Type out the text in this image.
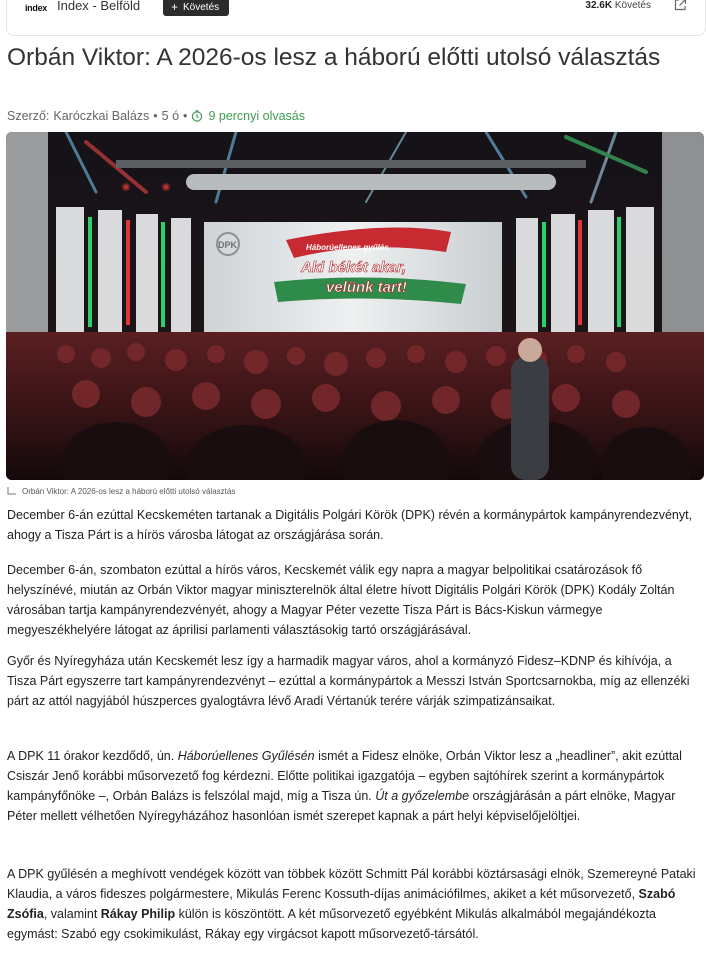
index Index - Belföld	+ Követés	32.6K Követés
Orbán Viktor: A 2026-os lesz a háború előtti utolsó választás
Szerző: Karóczkai Balázs • 5 ó • 9 percnyi olvasás
DPK	Háborúellenes gyűlés
Aki békét akar,
velünk tart!
Orbán Viktor: A 2026-os lesz a háború előtti utolsó választás

December 6-án ezúttal Kecskeméten tartanak a Digitális Polgári Körök (DPK) révén a kormánypártok kampányrendezvényt, ahogy a Tisza Párt is a hírös városba látogat az országjárása során.

December 6-án, szombaton ezúttal a hírös város, Kecskemét válik egy napra a magyar belpolitikai csatározások fő helyszínévé, miután az Orbán Viktor magyar miniszterelnök által életre hívott Digitális Polgári Körök (DPK) Kodály Zoltán városában tartja kampányrendezvényét, ahogy a Magyar Péter vezette Tisza Párt is Bács-Kiskun vármegye megyeszékhelyére látogat az áprilisi parlamenti választásokig tartó országjárásával.

Győr és Nyíregyháza után Kecskemét lesz így a harmadik magyar város, ahol a kormányzó Fidesz–KDNP és kihívója, a Tisza Párt egyszerre tart kampányrendezvényt – ezúttal a kormánypártok a Messzi István Sportcsarnokba, míg az ellenzéki párt az attól nagyjából húszperces gyalogtávra lévő Aradi Vértanúk terére várják szimpatizánsaikat.

A DPK 11 órakor kezdődő, ún. Háborúellenes Gyűlésén ismét a Fidesz elnöke, Orbán Viktor lesz a „headliner”, akit ezúttal Csiszár Jenő korábbi műsorvezető fog kérdezni. Előtte politikai igazgatója – egyben sajtóhírek szerint a kormánypártok kampányfőnöke –, Orbán Balázs is felszólal majd, míg a Tisza ún. Út a győzelembe országjárásán a párt elnöke, Magyar Péter mellett vélhetően Nyíregyházához hasonlóan ismét szerepet kapnak a párt helyi képviselőjelöltjei.

A DPK gyűlésén a meghívott vendégek között van többek között Schmitt Pál korábbi köztársasági elnök, Szemereyné Pataki Klaudia, a város fideszes polgármestere, Mikulás Ferenc Kossuth-díjas animációfilmes, akiket a két műsorvezető, Szabó Zsófia, valamint Rákay Philip külön is köszöntött. A két műsorvezető egyébként Mikulás alkalmából megajándékozta egymást: Szabó egy csokimikulást, Rákay egy virgácsot kapott műsorvezető-társától.
